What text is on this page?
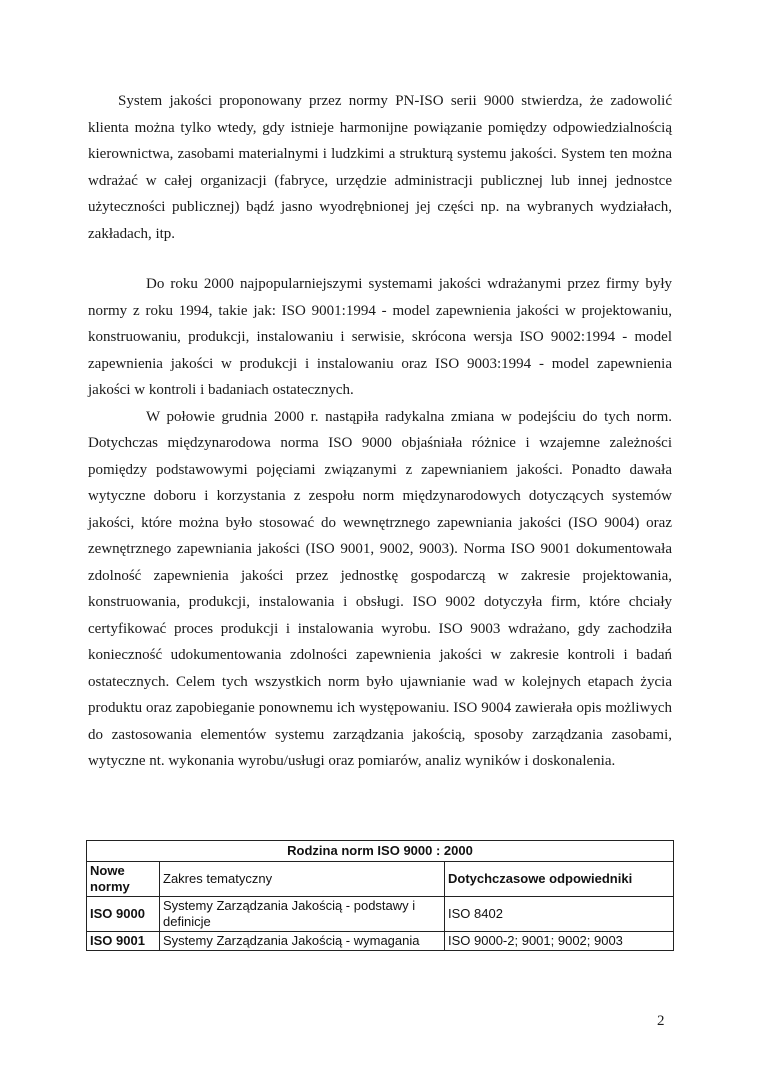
System jakości proponowany przez normy PN-ISO serii 9000 stwierdza, że zadowolić klienta można tylko wtedy, gdy istnieje harmonijne powiązanie pomiędzy odpowiedzialnością kierownictwa, zasobami materialnymi i ludzkimi a strukturą systemu jakości. System ten można wdrażać w całej organizacji (fabryce, urzędzie administracji publicznej lub innej jednostce użyteczności publicznej) bądź jasno wyodrębnionej jej części np. na wybranych wydziałach, zakładach, itp.

Do roku 2000 najpopularniejszymi systemami jakości wdrażanymi przez firmy były normy z roku 1994, takie jak: ISO 9001:1994 - model zapewnienia jakości w projektowaniu, konstruowaniu, produkcji, instalowaniu i serwisie, skrócona wersja ISO 9002:1994 - model zapewnienia jakości w produkcji i instalowaniu oraz ISO 9003:1994 - model zapewnienia jakości w kontroli i badaniach ostatecznych.

W połowie grudnia 2000 r. nastąpiła radykalna zmiana w podejściu do tych norm. Dotychczas międzynarodowa norma ISO 9000 objaśniała różnice i wzajemne zależności pomiędzy podstawowymi pojęciami związanymi z zapewnianiem jakości. Ponadto dawała wytyczne doboru i korzystania z zespołu norm międzynarodowych dotyczących systemów jakości, które można było stosować do wewnętrznego zapewniania jakości (ISO 9004) oraz zewnętrznego zapewniania jakości (ISO 9001, 9002, 9003). Norma ISO 9001 dokumentowała zdolność zapewnienia jakości przez jednostkę gospodarczą w zakresie projektowania, konstruowania, produkcji, instalowania i obsługi. ISO 9002 dotyczyła firm, które chciały certyfikować proces produkcji i instalowania wyrobu. ISO 9003 wdrażano, gdy zachodziła konieczność udokumentowania zdolności zapewnienia jakości w zakresie kontroli i badań ostatecznych. Celem tych wszystkich norm było ujawnianie wad w kolejnych etapach życia produktu oraz zapobieganie ponownemu ich występowaniu. ISO 9004 zawierała opis możliwych do zastosowania elementów systemu zarządzania jakością, sposoby zarządzania zasobami, wytyczne nt. wykonania wyrobu/usługi oraz pomiarów, analiz wyników i doskonalenia.

Rodzina norm ISO 9000 : 2000		
Nowe normy	Zakres tematyczny	Dotychczasowe odpowiedniki
ISO 9000	Systemy Zarządzania Jakością - podstawy i definicje	ISO 8402
ISO 9001	Systemy Zarządzania Jakością - wymagania	ISO 9000-2; 9001; 9002; 9003
2
